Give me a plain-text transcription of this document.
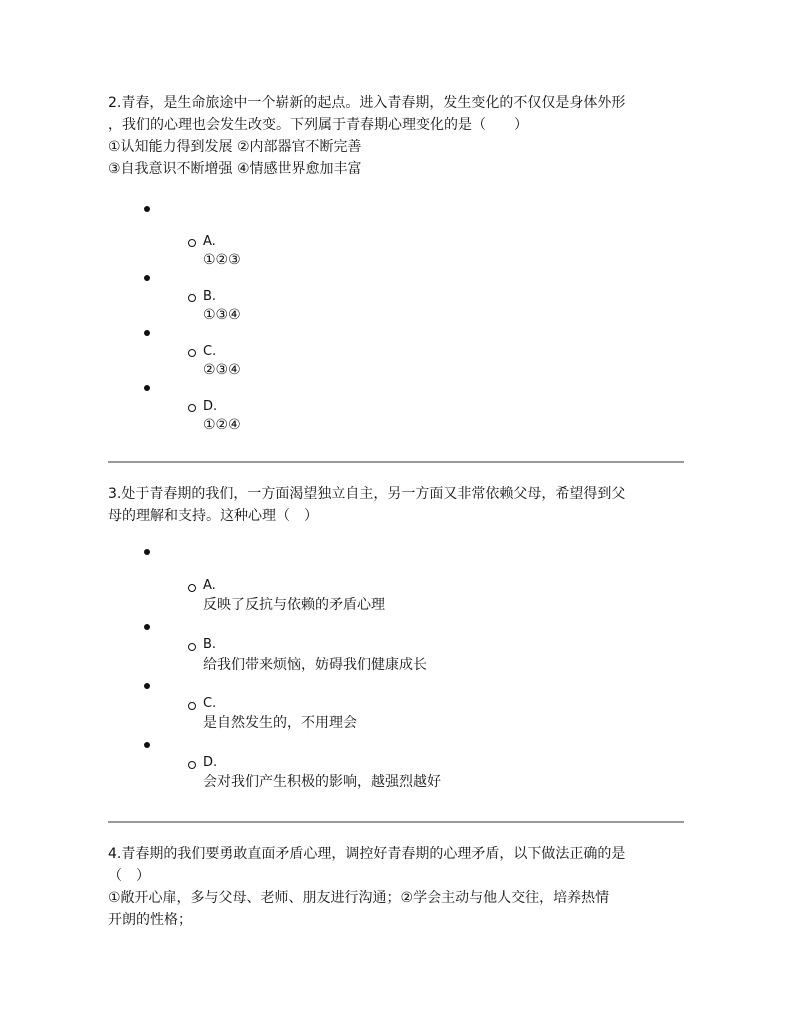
2.青春，是生命旅途中一个崭新的起点。进入青春期，发生变化的不仅仅是身体外形
，我们的心理也会发生改变。下列属于青春期心理变化的是（　　）
①认知能力得到发展 ②内部器官不断完善
③自我意识不断增强 ④情感世界愈加丰富
A.
①②③
B.
①③④
C.
②③④
D.
①②④
3.处于青春期的我们，一方面渴望独立自主，另一方面又非常依赖父母，希望得到父
母的理解和支持。这种心理（　）
A.
反映了反抗与依赖的矛盾心理
B.
给我们带来烦恼，妨碍我们健康成长
C.
是自然发生的，不用理会
D.
会对我们产生积极的影响，越强烈越好
4.青春期的我们要勇敢直面矛盾心理，调控好青春期的心理矛盾，以下做法正确的是
（　）
①敞开心扉，多与父母、老师、朋友进行沟通；②学会主动与他人交往，培养热情
开朗的性格；
